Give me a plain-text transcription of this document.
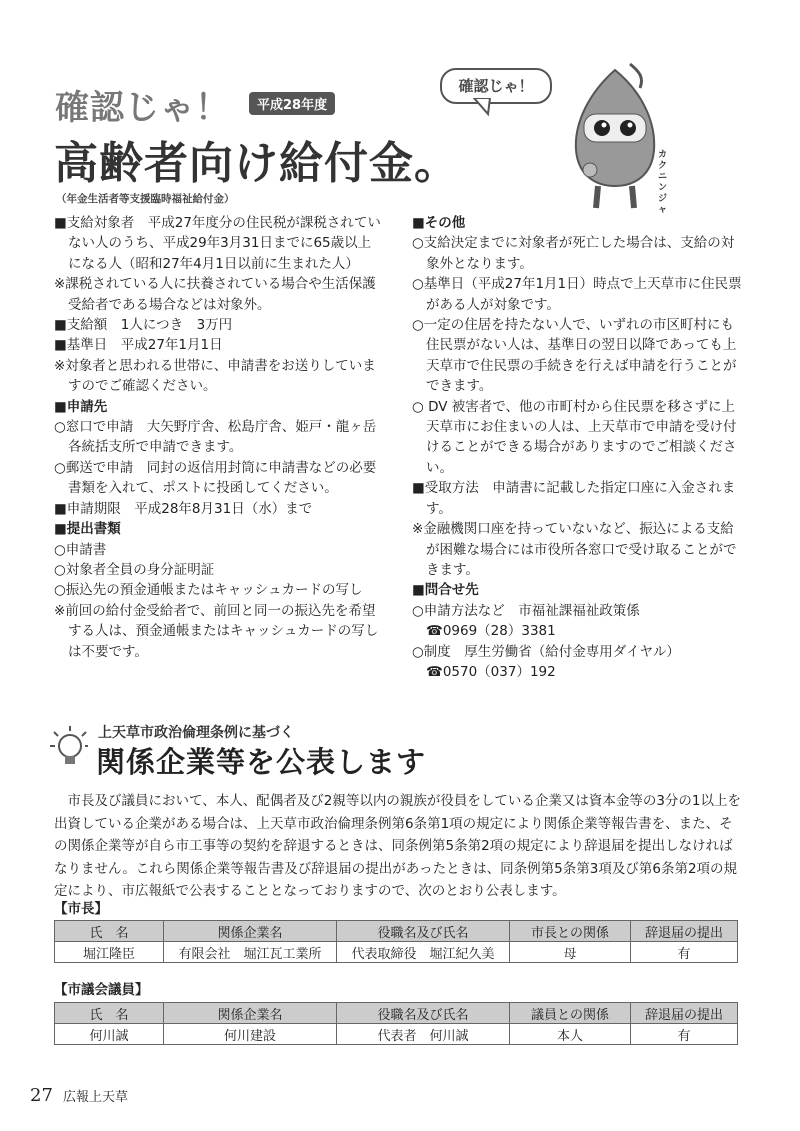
確認じゃ！	平成28年度
高齢者向け給付金。
（年金生活者等支援臨時福祉給付金）
確認じゃ！
カクニンジャ

■支給対象者　平成27年度分の住民税が課税されていない人のうち、平成29年3月31日までに65歳以上になる人（昭和27年4月1日以前に生まれた人）

※課税されている人に扶養されている場合や生活保護受給者である場合などは対象外。

■支給額　1人につき　3万円

■基準日　平成27年1月1日

※対象者と思われる世帯に、申請書をお送りしていますのでご確認ください。

■申請先

○窓口で申請　大矢野庁舎、松島庁舎、姫戸・龍ヶ岳各統括支所で申請できます。

○郵送で申請　同封の返信用封筒に申請書などの必要書類を入れて、ポストに投函してください。

■申請期限　平成28年8月31日（水）まで

■提出書類

○申請書

○対象者全員の身分証明証

○振込先の預金通帳またはキャッシュカードの写し

※前回の給付金受給者で、前回と同一の振込先を希望する人は、預金通帳またはキャッシュカードの写しは不要です。

■その他

○支給決定までに対象者が死亡した場合は、支給の対象外となります。

○基準日（平成27年1月1日）時点で上天草市に住民票がある人が対象です。

○一定の住居を持たない人で、いずれの市区町村にも住民票がない人は、基準日の翌日以降であっても上天草市で住民票の手続きを行えば申請を行うことができます。

○ DV 被害者で、他の市町村から住民票を移さずに上天草市にお住まいの人は、上天草市で申請を受け付けることができる場合がありますのでご相談ください。

■受取方法　申請書に記載した指定口座に入金されます。

※金融機関口座を持っていないなど、振込による支給が困難な場合には市役所各窓口で受け取ることができます。

■問合せ先

○申請方法など　市福祉課福祉政策係

☎0969（28）3381

○制度　厚生労働省（給付金専用ダイヤル）

☎0570（037）192

上天草市政治倫理条例に基づく
関係企業等を公表します
市長及び議員において、本人、配偶者及び2親等以内の親族が役員をしている企業又は資本金等の3分の1以上を出資している企業がある場合は、上天草市政治倫理条例第6条第1項の規定により関係企業等報告書を、また、その関係企業等が自ら市工事等の契約を辞退するときは、同条例第5条第2項の規定により辞退届を提出しなければなりません。これら関係企業等報告書及び辞退届の提出があったときは、同条例第5条第3項及び第6条第2項の規定により、市広報紙で公表することとなっておりますので、次のとおり公表します。
【市長】
氏　名	関係企業名	役職名及び氏名	市長との関係	辞退届の提出
堀江隆臣	有限会社　堀江瓦工業所	代表取締役　堀江紀久美	母	有
【市議会議員】
氏　名	関係企業名	役職名及び氏名	議員との関係	辞退届の提出
何川誠	何川建設	代表者　何川誠	本人	有
27 広報上天草
